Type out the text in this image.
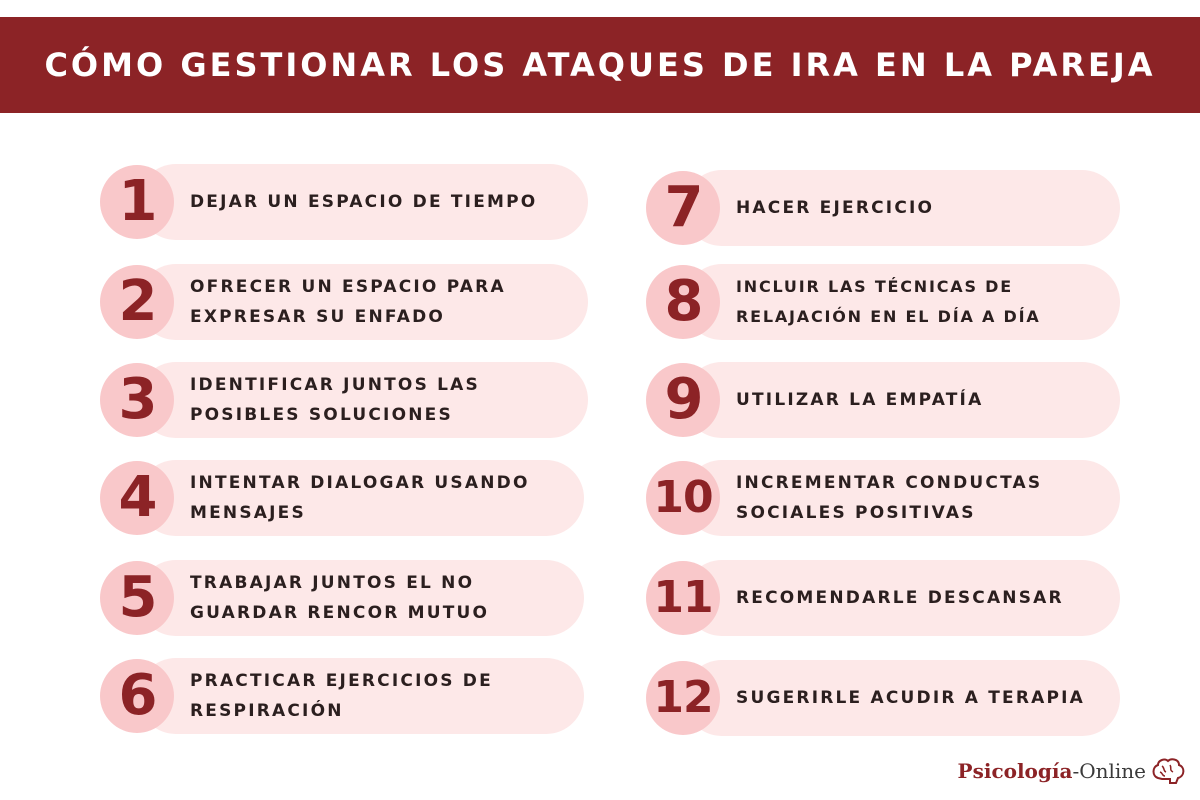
CÓMO GESTIONAR LOS ATAQUES DE IRA EN LA PAREJA
1 DEJAR UN ESPACIO DE TIEMPO
2 OFRECER UN ESPACIO PARA EXPRESAR SU ENFADO
3 IDENTIFICAR JUNTOS LAS POSIBLES SOLUCIONES
4 INTENTAR DIALOGAR USANDO MENSAJES
5 TRABAJAR JUNTOS EL NO GUARDAR RENCOR MUTUO
6 PRACTICAR EJERCICIOS DE RESPIRACIÓN
7 HACER EJERCICIO
8 INCLUIR LAS TÉCNICAS DE RELAJACIÓN EN EL DÍA A DÍA
9 UTILIZAR LA EMPATÍA
10 INCREMENTAR CONDUCTAS SOCIALES POSITIVAS
11 RECOMENDARLE DESCANSAR
12 SUGERIRLE ACUDIR A TERAPIA
Psicología-Online
